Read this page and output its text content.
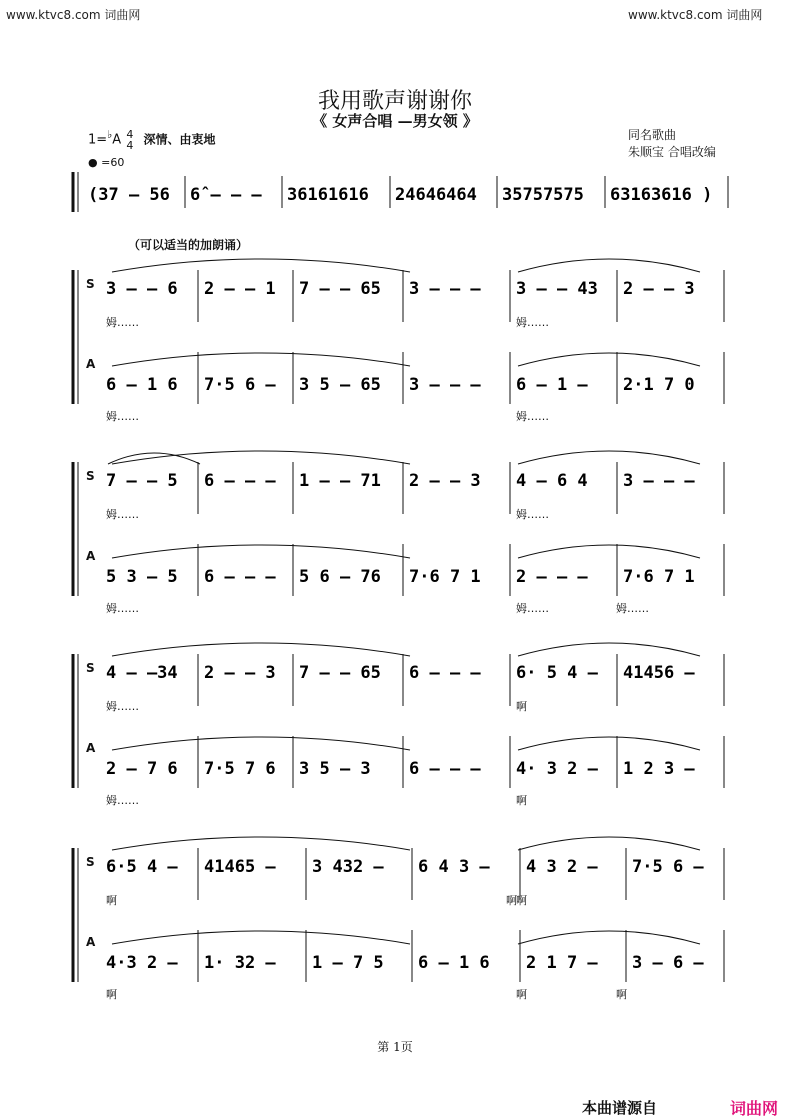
www.ktvc8.com 词曲网	www.ktvc8.com 词曲网
我用歌声谢谢你
《 女声合唱 —男女领 》
1=♭A 4
4 深情、由衷地
● =60
同名歌曲
朱顺宝 合唱改编
（可以适当的加朗诵）
第 1页
本曲谱源自	词曲网
(37 — 56 6̂ — — — 36161616 24646464 35757575 63163616 )
3 — — 6 2 — — 1 7 — — 65 3 — — — 3 — — 43 2 — — 3
6 — 1 6 7·5 6 — 3 5 — 65 3 — — — 6 — 1 — 2·1 7 0
7 — — 5 6 — — — 1 — — 71 2 — — 3 4 — 6 4 3 — — —
5 3 — 5 6 — — — 5 6 — 76 7·6 7 1 2 — — — 7·6 7 1
4 — —34 2 — — 3 7 — — 65 6 — — — 6· 5 4 — 41456 —
2 — 7 6 7·5 7 6 3 5 — 3 6 — — — 4· 3 2 — 1 2 3 —
6·5 4 — 41465 — 3 432 — 6 4 3 — 4 3 2 — 7·5 6 —
4·3 2 — 1· 32 — 1 — 7 5 6 — 1 6 2 1 7 — 3 — 6 —
S
A
姆……	姆……
姆……	姆……
S
A
姆……	姆……
姆……	姆……	姆……
S
A
姆……	啊
姆……	啊
S
A
啊	啊
啊
啊	啊	啊
